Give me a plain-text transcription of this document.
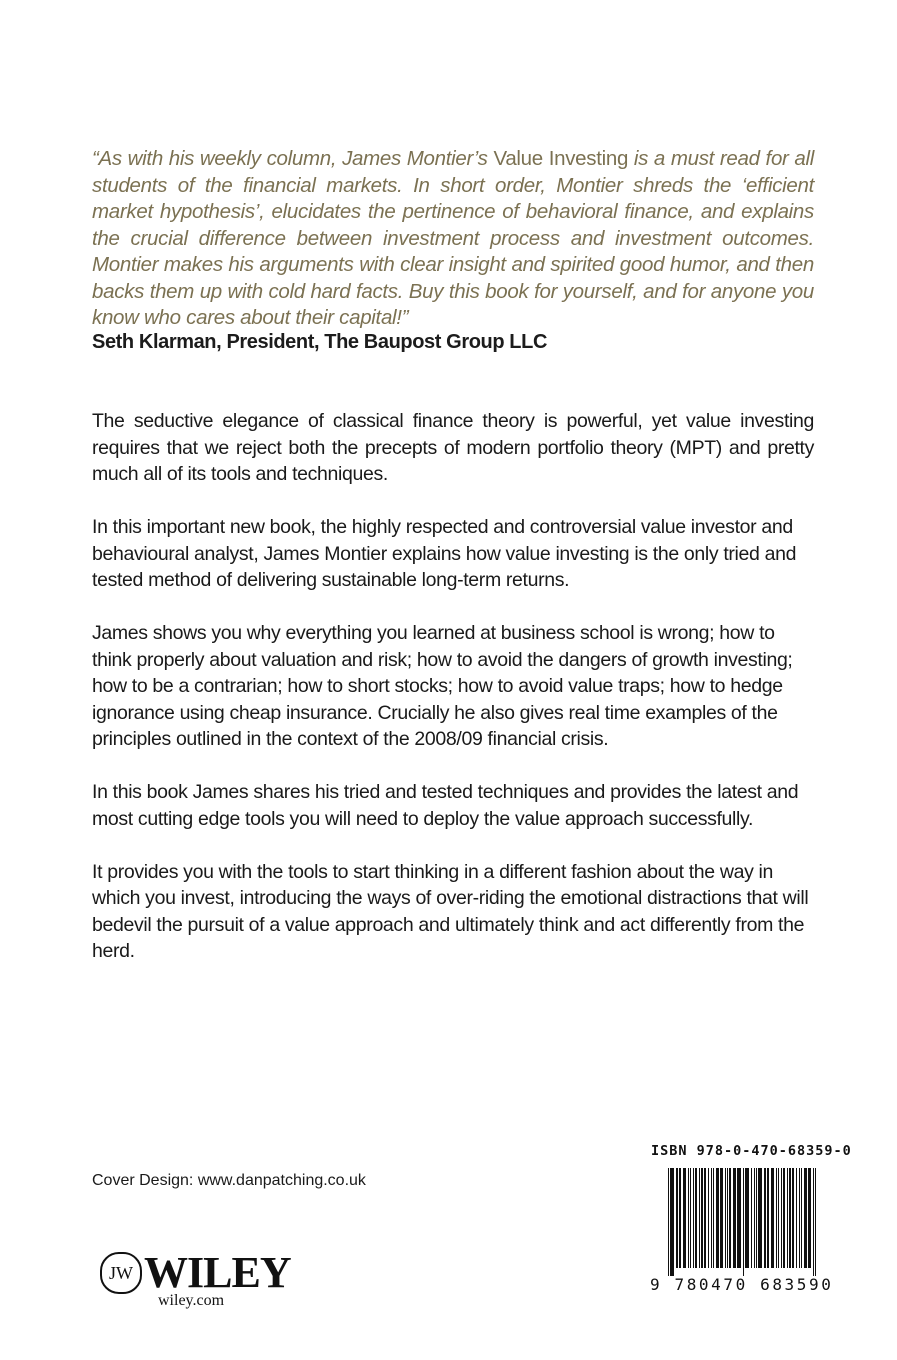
“As with his weekly column, James Montier’s Value Investing is a must read for all students of the financial markets. In short order, Montier shreds the ‘efficient market hypothesis’, elucidates the pertinence of behavioral finance, and explains the crucial difference between investment process and investment outcomes. Montier makes his arguments with clear insight and spirited good humor, and then backs them up with cold hard facts. Buy this book for yourself, and for anyone you know who cares about their capital!”
Seth Klarman, President, The Baupost Group LLC

The seductive elegance of classical finance theory is powerful, yet value investing requires that we reject both the precepts of modern portfolio theory (MPT) and pretty much all of its tools and techniques.

In this important new book, the highly respected and controversial value investor and behavioural analyst, James Montier explains how value investing is the only tried and tested method of delivering sustainable long-term returns.

James shows you why everything you learned at business school is wrong; how to think properly about valuation and risk; how to avoid the dangers of growth investing; how to be a contrarian; how to short stocks; how to avoid value traps; how to hedge ignorance using cheap insurance. Crucially he also gives real time examples of the principles outlined in the context of the 2008/09 financial crisis.

In this book James shares his tried and tested techniques and provides the latest and most cutting edge tools you will need to deploy the value approach successfully.

It provides you with the tools to start thinking in a different fashion about the way in which you invest, introducing the ways of over-riding the emotional distractions that will bedevil the pursuit of a value approach and ultimately think and act differently from the herd.

Cover Design: www.danpatching.co.uk
JW WILEY
wiley.com
ISBN 978-0-470-68359-0
9 780470 683590
